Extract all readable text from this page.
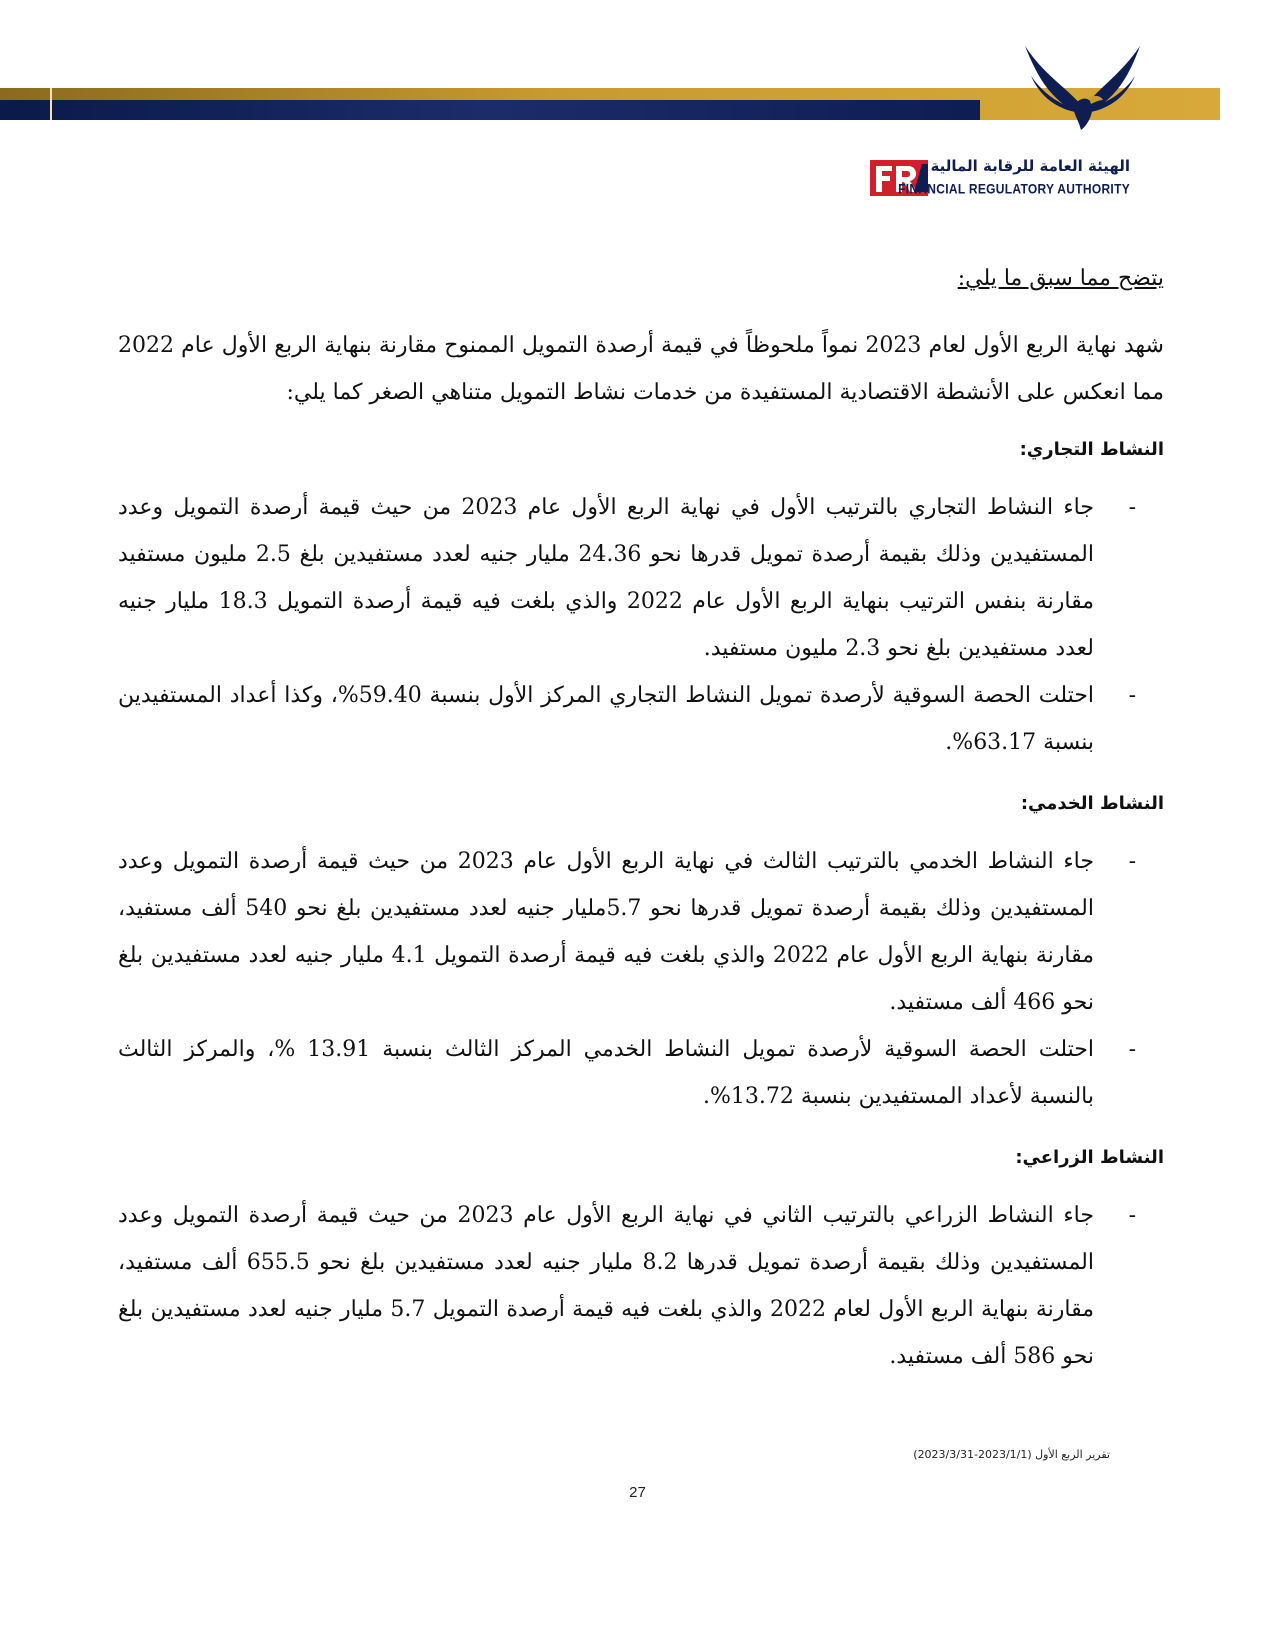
الهيئة العامة للرقابة المالية
FINANCIAL REGULATORY AUTHORITY

يتضح مما سبق ما يلي:

شهد نهاية الربع الأول لعام 2023 نمواً ملحوظاً في قيمة أرصدة التمويل الممنوح مقارنة بنهاية الربع الأول عام 2022 مما انعكس على الأنشطة الاقتصادية المستفيدة من خدمات نشاط التمويل متناهي الصغر كما يلي:

النشاط التجاري:
-
جاء النشاط التجاري بالترتيب الأول في نهاية الربع الأول عام 2023 من حيث قيمة أرصدة التمويل وعدد المستفيدين وذلك بقيمة أرصدة تمويل قدرها نحو 24.36 مليار جنيه لعدد مستفيدين بلغ 2.5 مليون مستفيد مقارنة بنفس الترتيب بنهاية الربع الأول عام 2022 والذي بلغت فيه قيمة أرصدة التمويل 18.3 مليار جنيه لعدد مستفيدين بلغ نحو 2.3 مليون مستفيد.
-
احتلت الحصة السوقية لأرصدة تمويل النشاط التجاري المركز الأول بنسبة 59.40%، وكذا أعداد المستفيدين بنسبة 63.17%.
النشاط الخدمي:
-
جاء النشاط الخدمي بالترتيب الثالث في نهاية الربع الأول عام 2023 من حيث قيمة أرصدة التمويل وعدد المستفيدين وذلك بقيمة أرصدة تمويل قدرها نحو 5.7مليار جنيه لعدد مستفيدين بلغ نحو 540 ألف مستفيد، مقارنة بنهاية الربع الأول عام 2022 والذي بلغت فيه قيمة أرصدة التمويل 4.1 مليار جنيه لعدد مستفيدين بلغ نحو 466 ألف مستفيد.
-
احتلت الحصة السوقية لأرصدة تمويل النشاط الخدمي المركز الثالث بنسبة 13.91 %، والمركز الثالث بالنسبة لأعداد المستفيدين بنسبة 13.72%.
النشاط الزراعي:
-
جاء النشاط الزراعي بالترتيب الثاني في نهاية الربع الأول عام 2023 من حيث قيمة أرصدة التمويل وعدد المستفيدين وذلك بقيمة أرصدة تمويل قدرها 8.2 مليار جنيه لعدد مستفيدين بلغ نحو 655.5 ألف مستفيد، مقارنة بنهاية الربع الأول لعام 2022 والذي بلغت فيه قيمة أرصدة التمويل 5.7 مليار جنيه لعدد مستفيدين بلغ نحو 586 ألف مستفيد.
تقرير الربع الأول (2023/1/1-2023/3/31)
27
